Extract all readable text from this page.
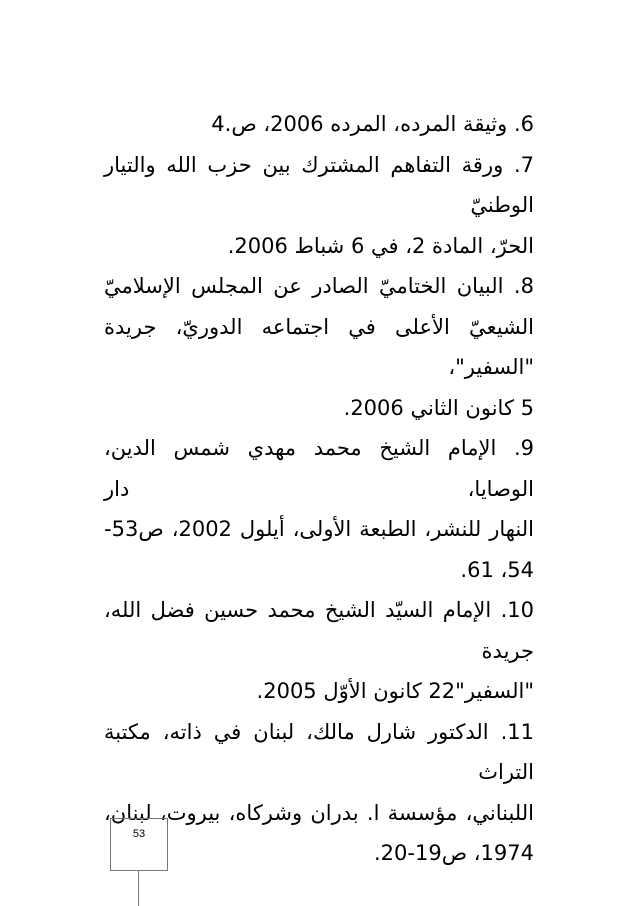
6. وثيقة المرده، المرده 2006، ص.4
7. ورقة التفاهم المشترك بين حزب الله والتيار الوطنيّ
الحرّ، المادة 2، في 6 شباط 2006.
8. البيان الختاميّ الصادر عن المجلس الإسلاميّ
الشيعيّ الأعلى في اجتماعه الدوريّ، جريدة "السفير"،
5 كانون الثاني 2006.
9. الإمام الشيخ محمد مهدي شمس الدين، الوصايا، دار
النهار للنشر، الطبعة الأولى، أيلول 2002، ص53-
54، 61.
10. الإمام السيّد الشيخ محمد حسين فضل الله، جريدة
"السفير"22 كانون الأوّل 2005.
11. الدكتور شارل مالك، لبنان في ذاته، مكتبة التراث
اللبناني، مؤسسة ا. بدران وشركاه، بيروت، لبنان،
1974، ص19-20.
53
